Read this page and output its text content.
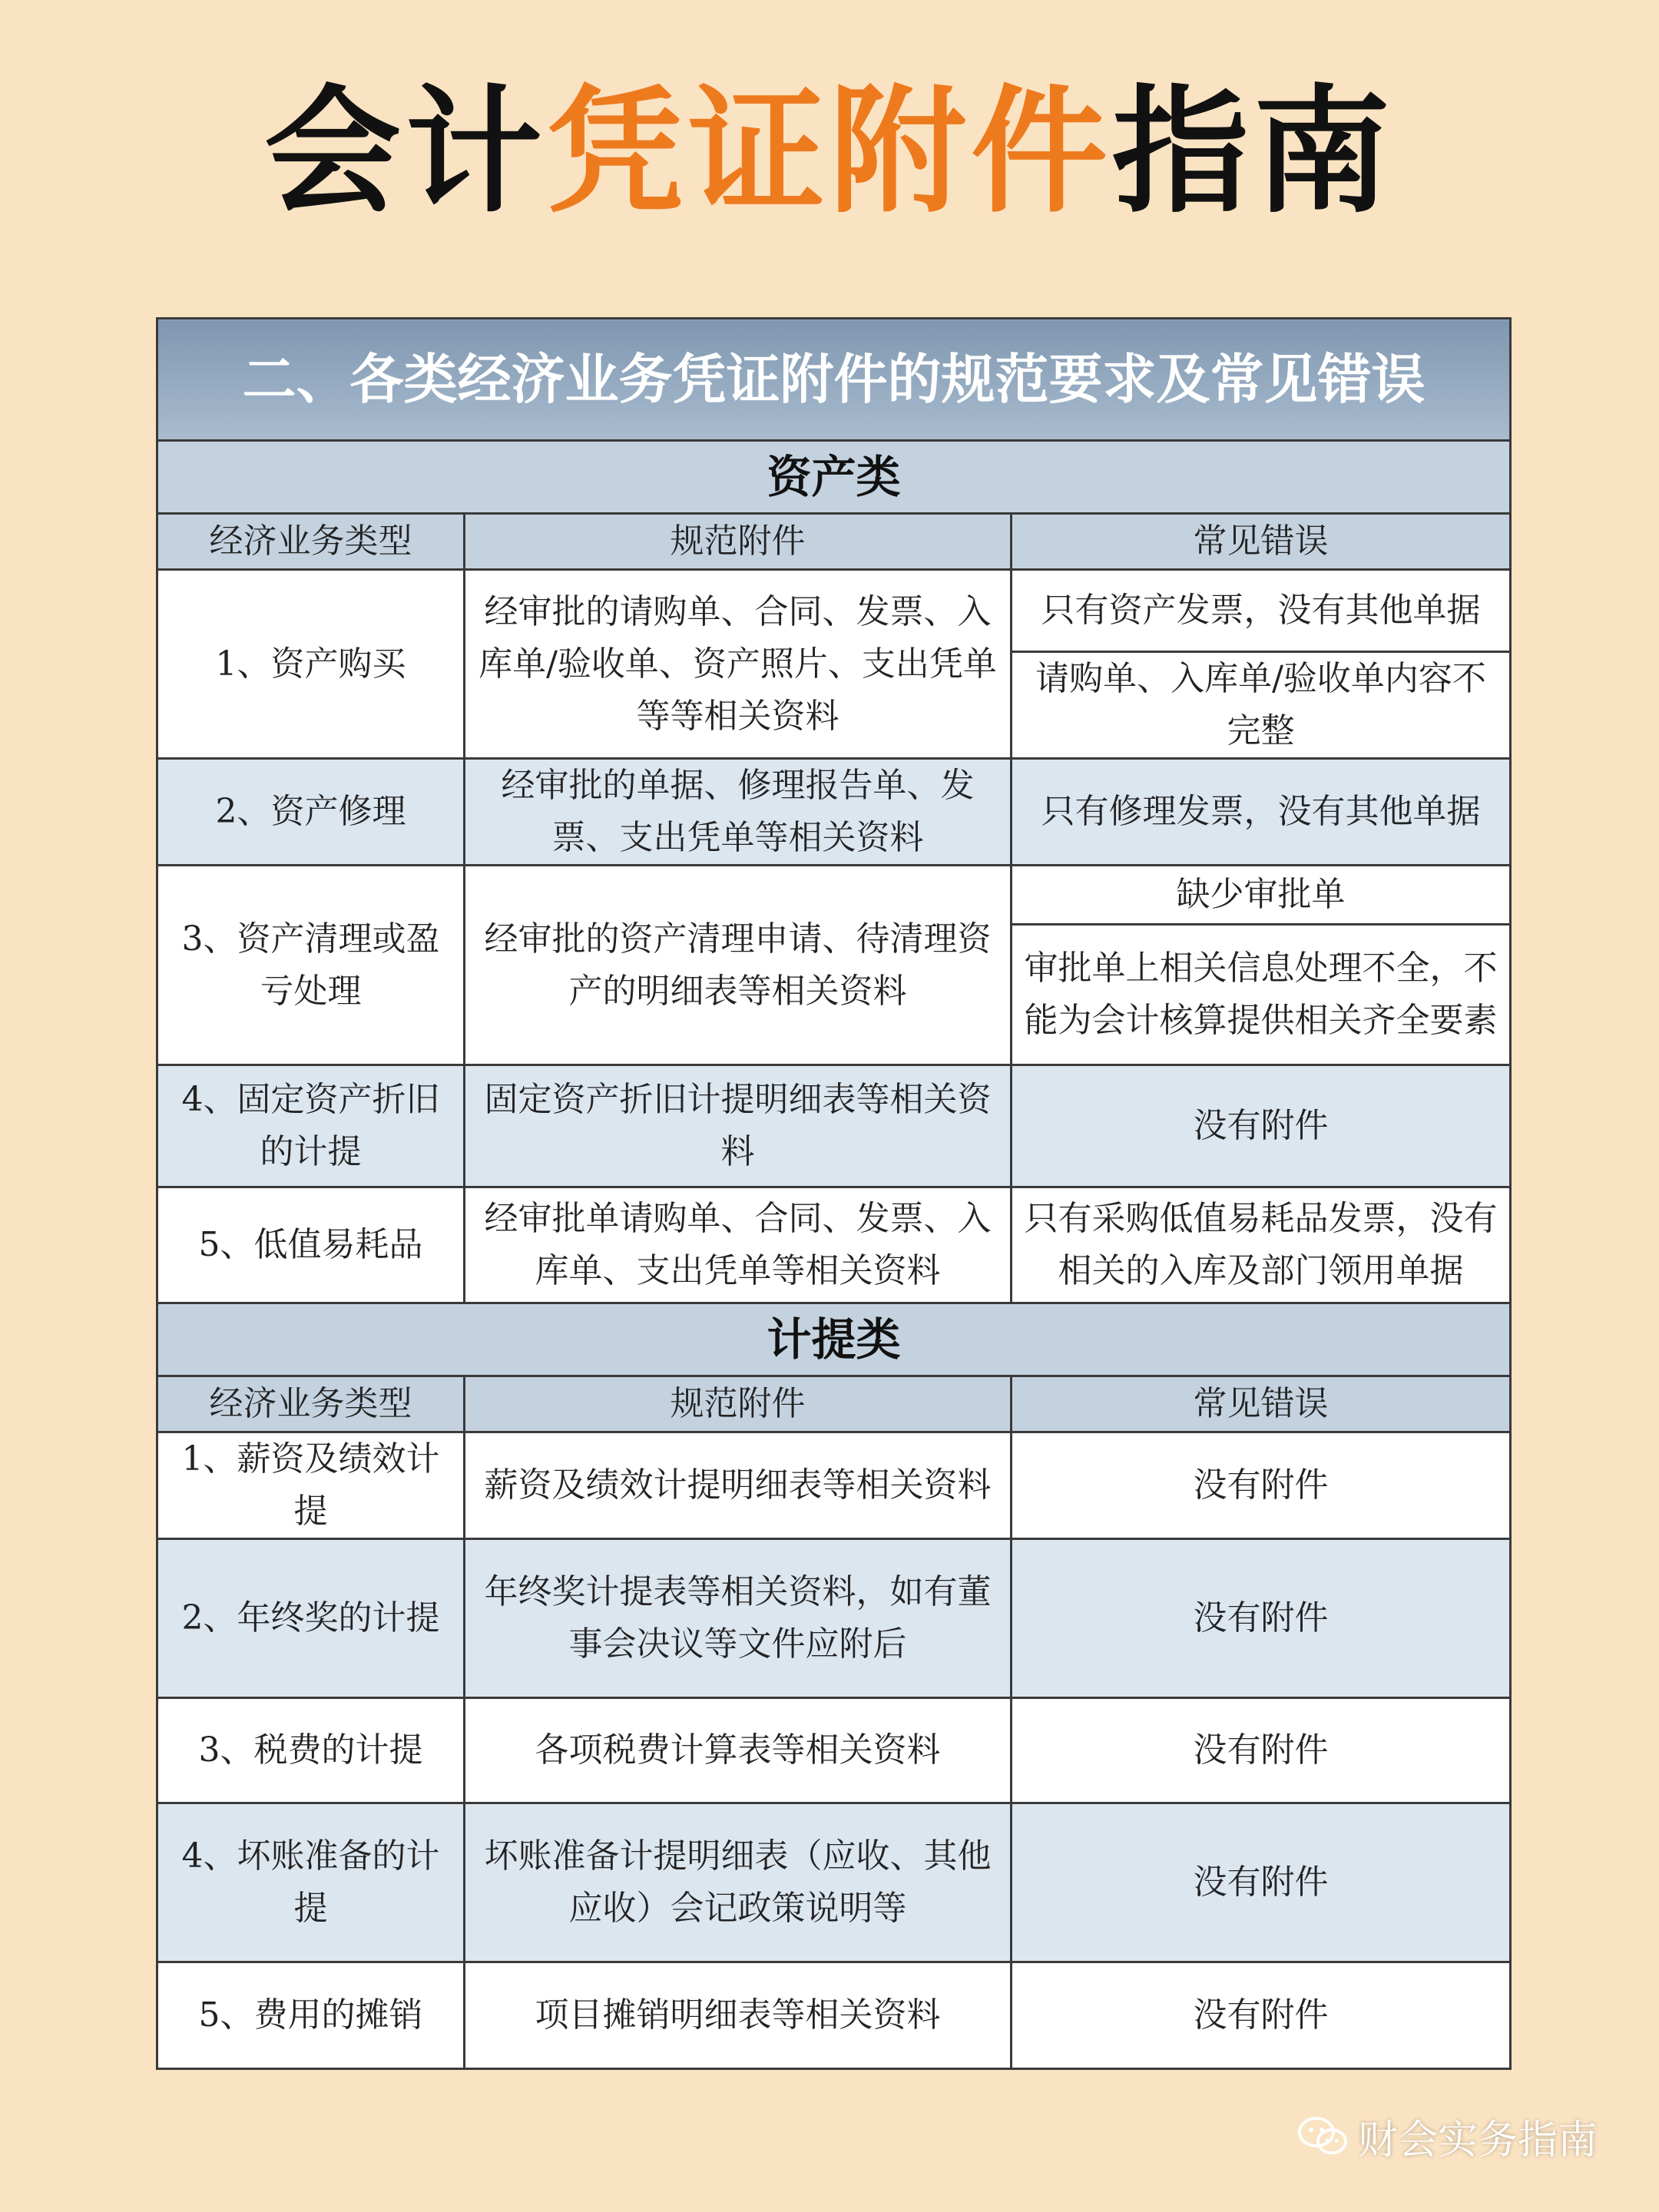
会计凭证附件指南
二、各类经济业务凭证附件的规范要求及常见错误		
资产类		
经济业务类型	规范附件	常见错误
1、资产购买	经审批的请购单、合同、发票、入库单/验收单、资产照片、支出凭单等等相关资料	只有资产发票，没有其他单据
		请购单、入库单/验收单内容不完整
2、资产修理	经审批的单据、修理报告单、发票、支出凭单等相关资料	只有修理发票，没有其他单据
3、资产清理或盈亏处理	经审批的资产清理申请、待清理资产的明细表等相关资料	缺少审批单
		审批单上相关信息处理不全，不能为会计核算提供相关齐全要素
4、固定资产折旧的计提	固定资产折旧计提明细表等相关资料	没有附件
5、低值易耗品	经审批单请购单、合同、发票、入库单、支出凭单等相关资料	只有采购低值易耗品发票，没有相关的入库及部门领用单据
计提类		
经济业务类型	规范附件	常见错误
1、薪资及绩效计提	薪资及绩效计提明细表等相关资料	没有附件
2、年终奖的计提	年终奖计提表等相关资料，如有董事会决议等文件应附后	没有附件
3、税费的计提	各项税费计算表等相关资料	没有附件
4、坏账准备的计提	坏账准备计提明细表（应收、其他应收）会记政策说明等	没有附件
5、费用的摊销	项目摊销明细表等相关资料	没有附件
财会实务指南
